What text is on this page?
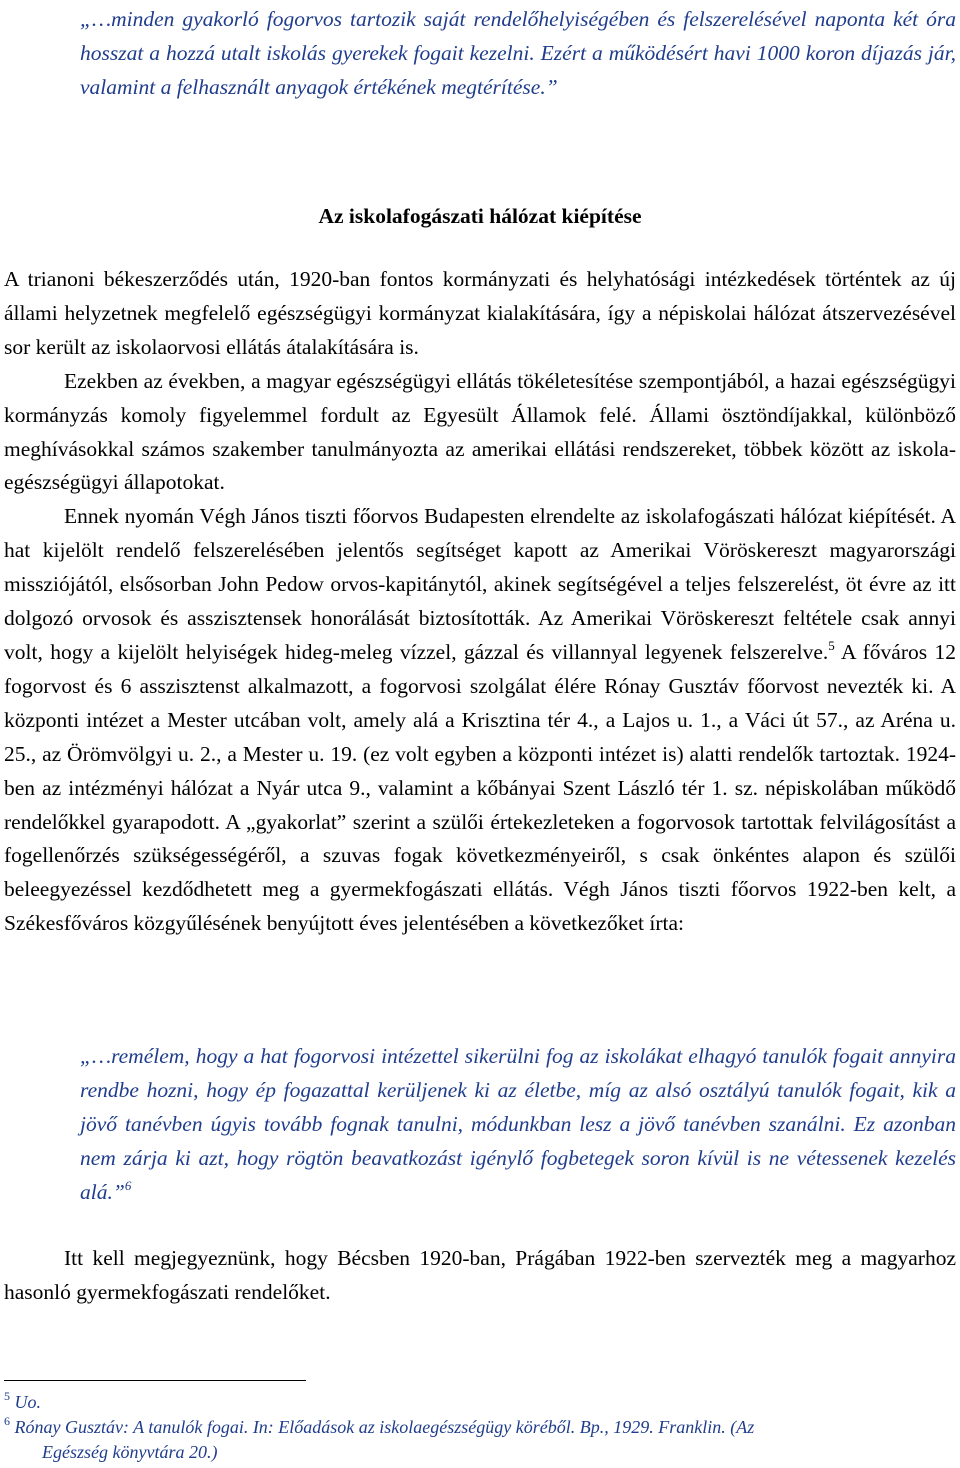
„…minden gyakorló fogorvos tartozik saját rendelőhelyiségében és felszerelésével naponta két óra hosszat a hozzá utalt iskolás gyerekek fogait kezelni. Ezért a működésért havi 1000 koron díjazás jár, valamint a felhasznált anyagok értékének megtérítése.”
Az iskolafogászati hálózat kiépítése

A trianoni békeszerződés után, 1920-ban fontos kormányzati és helyhatósági intézkedések történtek az új állami helyzetnek megfelelő egészségügyi kormányzat kialakítására, így a népiskolai hálózat átszervezésével sor került az iskolaorvosi ellátás átalakítására is.

Ezekben az években, a magyar egészségügyi ellátás tökéletesítése szempontjából, a hazai egészségügyi kormányzás komoly figyelemmel fordult az Egyesült Államok felé. Állami ösztöndíjakkal, különböző meghívásokkal számos szakember tanulmányozta az amerikai ellátási rendszereket, többek között az iskola-egészségügyi állapotokat.

Ennek nyomán Végh János tiszti főorvos Budapesten elrendelte az iskolafogászati hálózat kiépítését. A hat kijelölt rendelő felszerelésében jelentős segítséget kapott az Amerikai Vöröskereszt magyarországi missziójától, elsősorban John Pedow orvos-kapitánytól, akinek segítségével a teljes felszerelést, öt évre az itt dolgozó orvosok és asszisztensek honorálását biztosították. Az Amerikai Vöröskereszt feltétele csak annyi volt, hogy a kijelölt helyiségek hideg-meleg vízzel, gázzal és villannyal legyenek felszerelve.$^5$ A főváros 12 fogorvost és 6 asszisztenst alkalmazott, a fogorvosi szolgálat élére Rónay Gusztáv főorvost nevezték ki. A központi intézet a Mester utcában volt, amely alá a Krisztina tér 4., a Lajos u. 1., a Váci út 57., az Aréna u. 25., az Örömvölgyi u. 2., a Mester u. 19. (ez volt egyben a központi intézet is) alatti rendelők tartoztak. 1924-ben az intézményi hálózat a Nyár utca 9., valamint a kőbányai Szent László tér 1. sz. népiskolában működő rendelőkkel gyarapodott. A „gyakorlat” szerint a szülői értekezleteken a fogorvosok tartottak felvilágosítást a fogellenőrzés szükségességéről, a szuvas fogak következményeiről, s csak önkéntes alapon és szülői beleegyezéssel kezdődhetett meg a gyermekfogászati ellátás. Végh János tiszti főorvos 1922-ben kelt, a Székesfőváros közgyűlésének benyújtott éves jelentésében a következőket írta:

„…remélem, hogy a hat fogorvosi intézettel sikerülni fog az iskolákat elhagyó tanulók fogait annyira rendbe hozni, hogy ép fogazattal kerüljenek ki az életbe, míg az alsó osztályú tanulók fogait, kik a jövő tanévben úgyis tovább fognak tanulni, módunkban lesz a jövő tanévben szanálni. Ez azonban nem zárja ki azt, hogy rögtön beavatkozást igénylő fogbetegek soron kívül is ne vétessenek kezelés alá.”$^6$
Itt kell megjegyeznünk, hogy Bécsben 1920-ban, Prágában 1922-ben szervezték meg a magyarhoz hasonló gyermekfogászati rendelőket.

$^5$ Uo.

$^6$ Rónay Gusztáv: A tanulók fogai. In: Előadások az iskolaegészségügy köréből. Bp., 1929. Franklin. (Az

Egészség könyvtára 20.)
